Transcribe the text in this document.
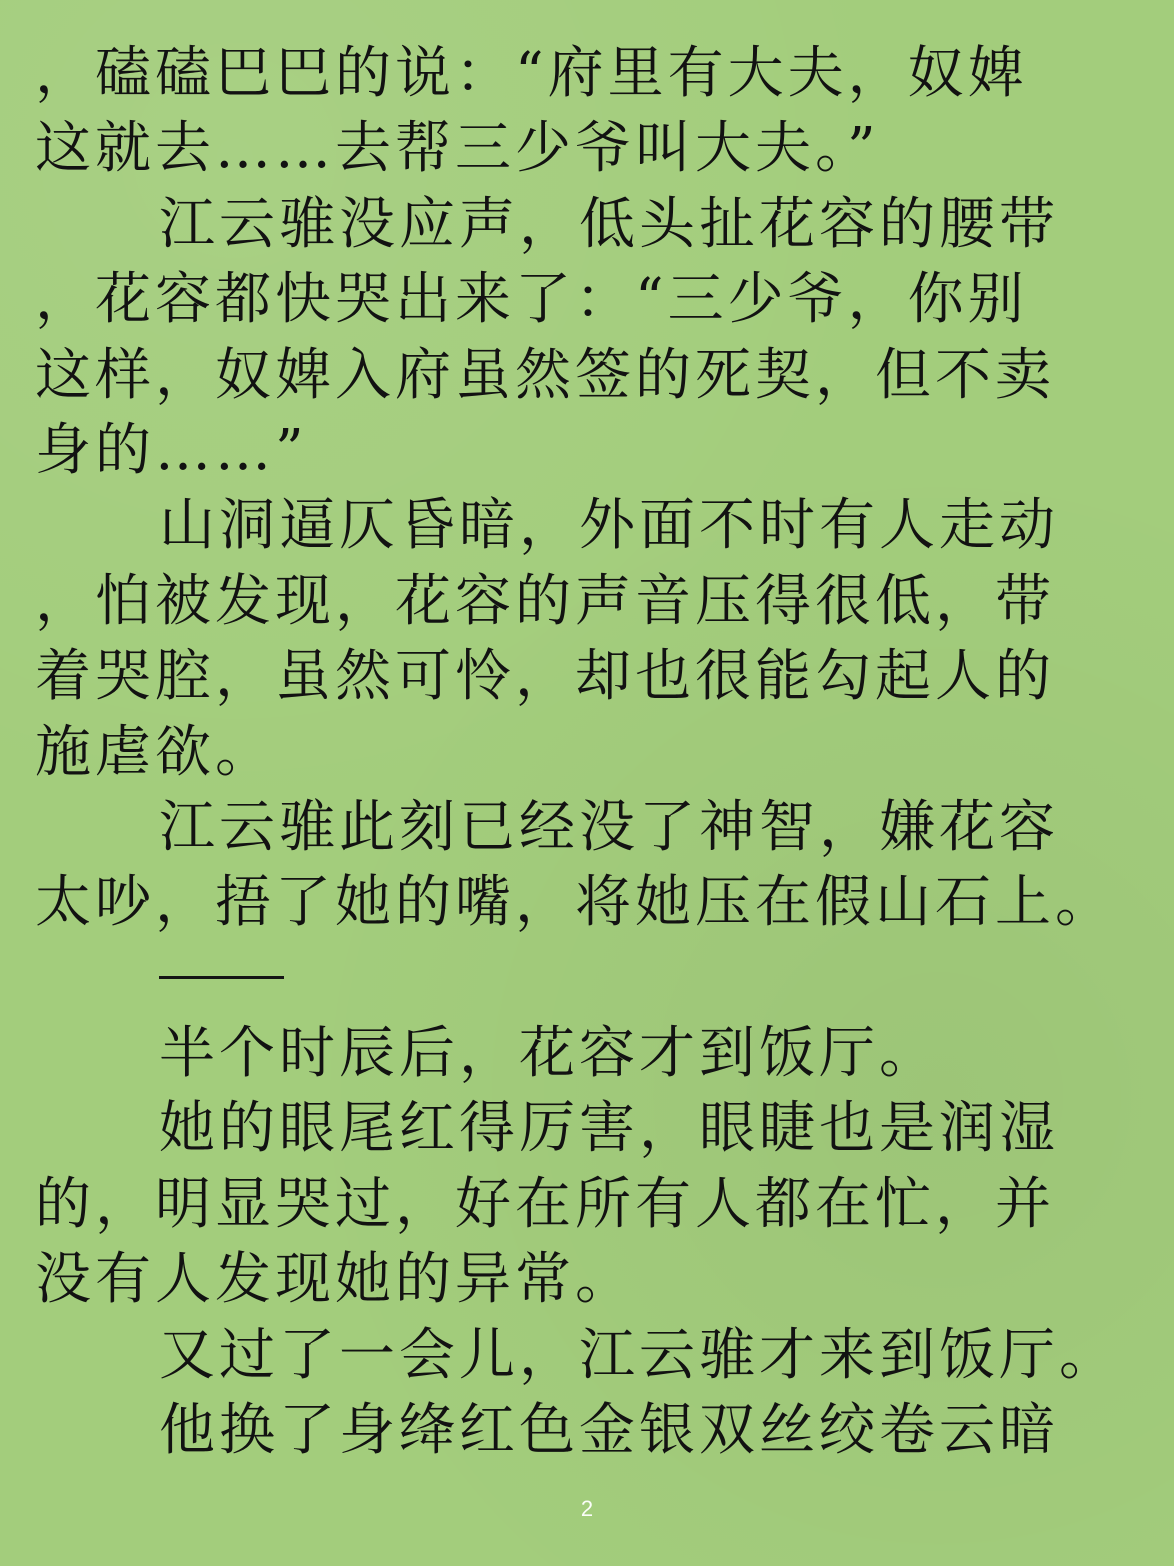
，磕磕巴巴的说：“府里有大夫，奴婢
这就去……去帮三少爷叫大夫。”
江云骓没应声，低头扯花容的腰带
，花容都快哭出来了：“三少爷，你别
这样，奴婢入府虽然签的死契，但不卖
身的……”
山洞逼仄昏暗，外面不时有人走动
，怕被发现，花容的声音压得很低，带
着哭腔，虽然可怜，却也很能勾起人的
施虐欲。
江云骓此刻已经没了神智，嫌花容
太吵，捂了她的嘴，将她压在假山石上。
半个时辰后，花容才到饭厅。
她的眼尾红得厉害，眼睫也是润湿
的，明显哭过，好在所有人都在忙，并
没有人发现她的异常。
又过了一会儿，江云骓才来到饭厅。
他换了身绛红色金银双丝绞卷云暗
2
